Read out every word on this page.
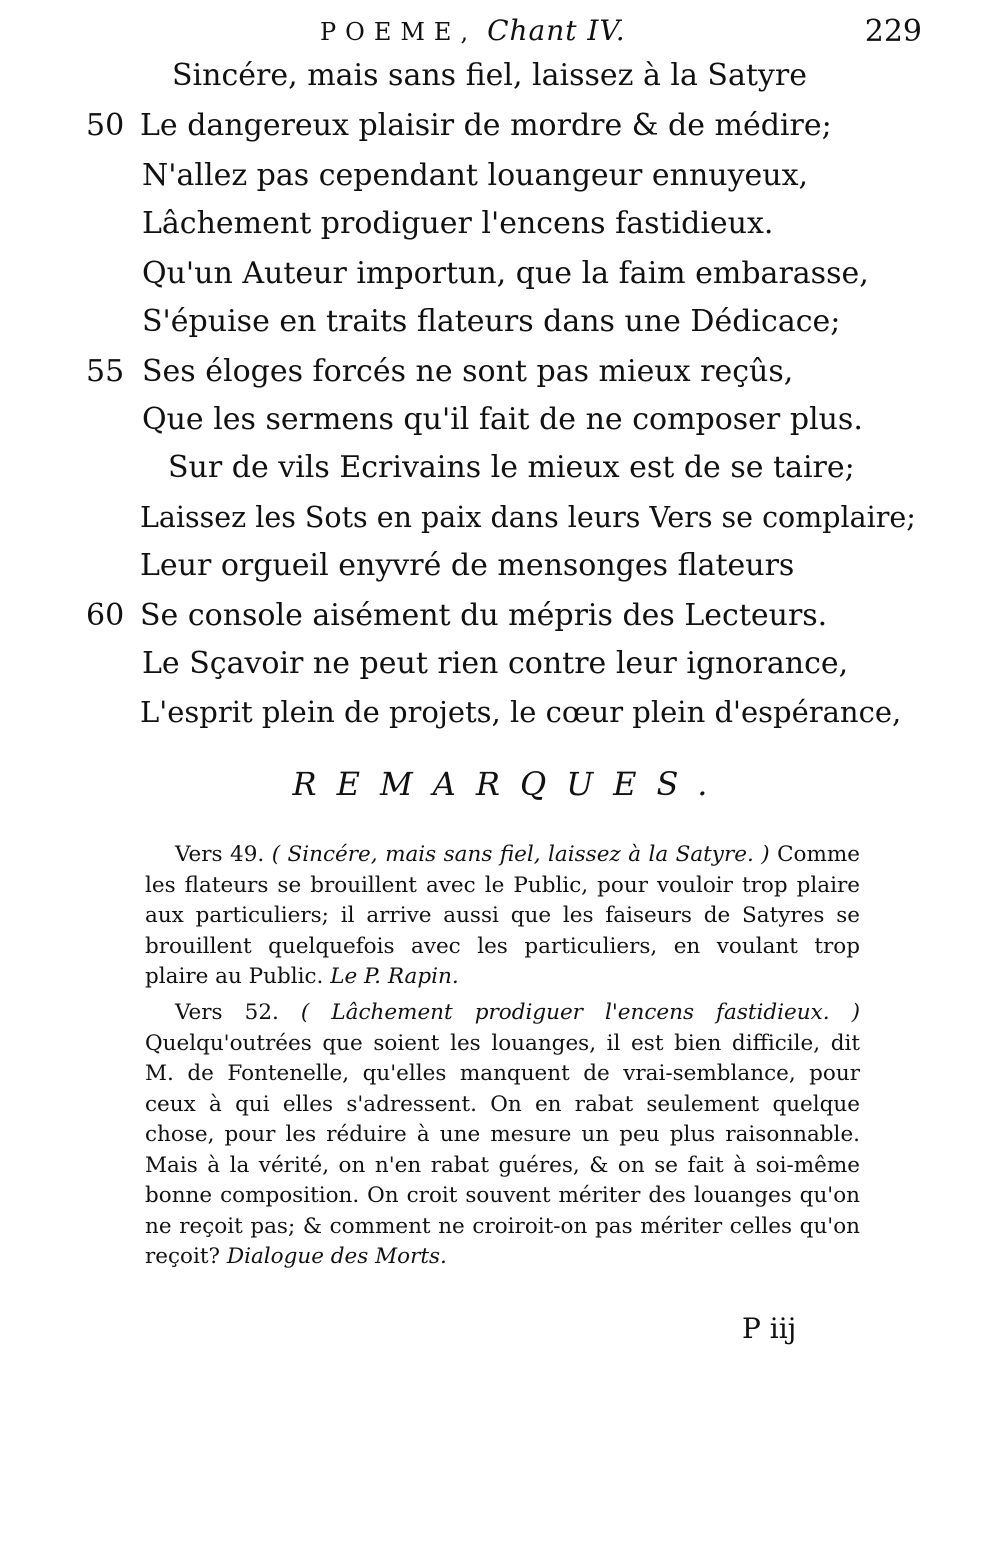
POEME, Chant IV.	229
Sincére, mais sans fiel, laissez à la Satyre
50 Le dangereux plaisir de mordre & de médire;
N'allez pas cependant louangeur ennuyeux,
Lâchement prodiguer l'encens fastidieux.
Qu'un Auteur importun, que la faim embarasse,
S'épuise en traits flateurs dans une Dédicace;
55 Ses éloges forcés ne sont pas mieux reçûs,
Que les sermens qu'il fait de ne composer plus.
Sur de vils Ecrivains le mieux est de se taire;
Laissez les Sots en paix dans leurs Vers se complaire;
Leur orgueil enyvré de mensonges flateurs
60 Se console aisément du mépris des Lecteurs.
Le Sçavoir ne peut rien contre leur ignorance,
L'esprit plein de projets, le cœur plein d'espérance,
REMARQUES.
Vers 49. ( Sincére, mais sans fiel, laissez à la Satyre. ) Comme les flateurs se brouillent avec le Public, pour vouloir trop plaire aux particuliers; il arrive aussi que les faiseurs de Satyres se brouillent quelquefois avec les particuliers, en voulant trop plaire au Public. Le P. Rapin.
Vers 52. ( Lâchement prodiguer l'encens fastidieux. ) Quelqu'outrées que soient les louanges, il est bien difficile, dit M. de Fontenelle, qu'elles manquent de vrai-semblance, pour ceux à qui elles s'adressent. On en rabat seulement quelque chose, pour les réduire à une mesure un peu plus raisonnable. Mais à la vérité, on n'en rabat guéres, & on se fait à soi-même bonne composition. On croit souvent mériter des louanges qu'on ne reçoit pas; & comment ne croiroit-on pas mériter celles qu'on reçoit? Dialogue des Morts.
P iij
